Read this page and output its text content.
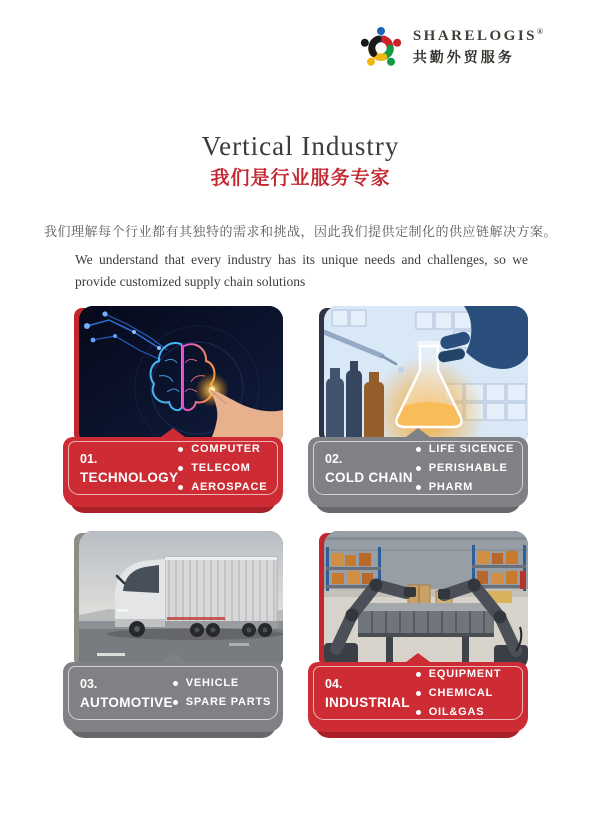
SHARELOGIS®
共勤外贸服务
Vertical Industry
我们是行业服务专家

我们理解每个行业都有其独特的需求和挑战，因此我们提供定制化的供应链解决方案。

We understand that every industry has its unique needs and challenges, so we provide customized supply chain solutions

01.
TECHNOLOGY
COMPUTER
TELECOM
AEROSPACE
02.
COLD CHAIN
LIFE SICENCE
PERISHABLE
PHARM
03.
AUTOMOTIVE
VEHICLE
SPARE PARTS
04.
INDUSTRIAL
EQUIPMENT
CHEMICAL
OIL&GAS
